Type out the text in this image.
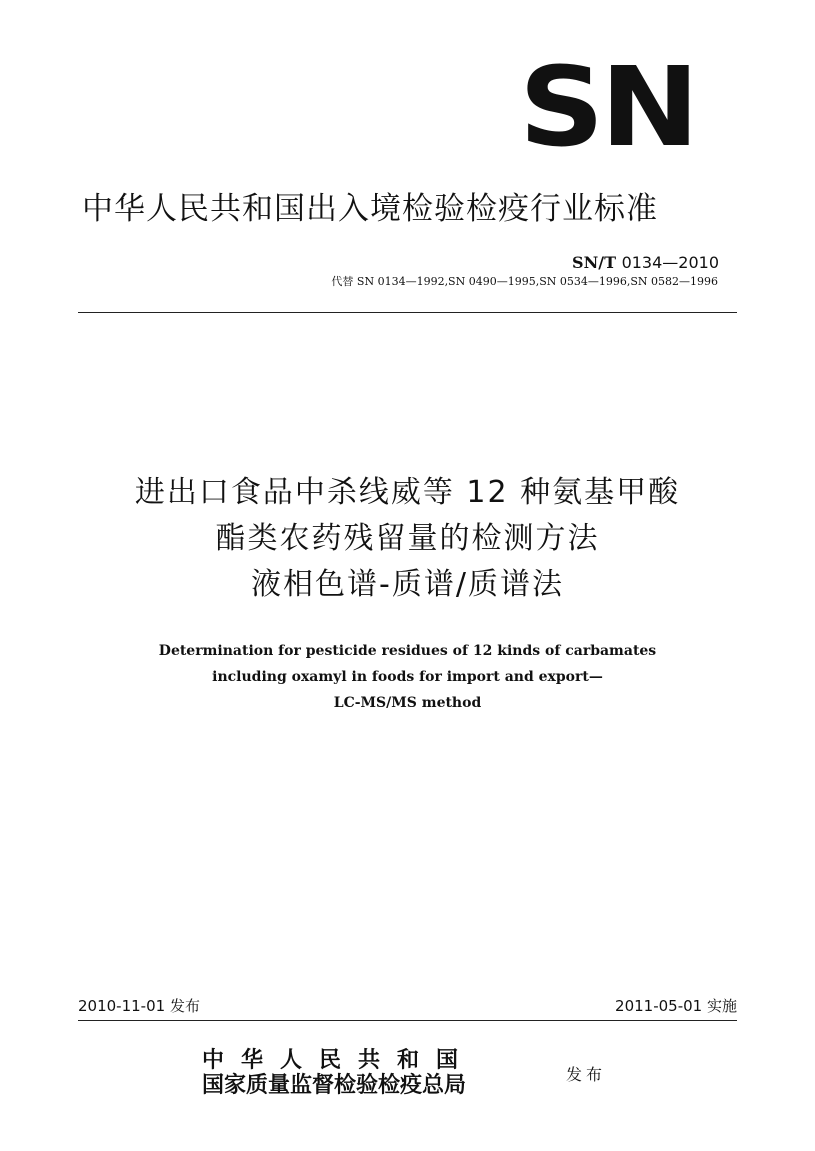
SN
中华人民共和国出入境检验检疫行业标准
SN/T 0134—2010
代替 SN 0134—1992,SN 0490—1995,SN 0534—1996,SN 0582—1996
进出口食品中杀线威等 12 种氨基甲酸
酯类农药残留量的检测方法
液相色谱-质谱/质谱法
Determination for pesticide residues of 12 kinds of carbamates
including oxamyl in foods for import and export—
LC-MS/MS method
2010-11-01 发布	2011-05-01 实施
中华人民共和国
国家质量监督检验检疫总局	发布
